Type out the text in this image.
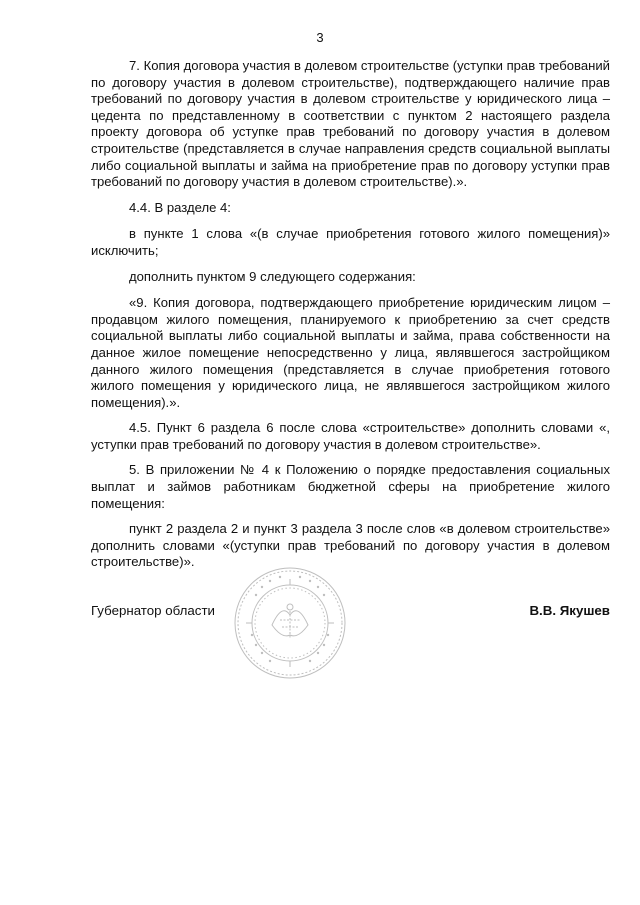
3

7. Копия договора участия в долевом строительстве (уступки прав требований по договору участия в долевом строительстве), подтверждающего наличие прав требований по договору участия в долевом строительстве у юридического лица – цедента по представленному в соответствии с пунктом 2 настоящего раздела проекту договора об уступке прав требований по договору участия в долевом строительстве (представляется в случае направления средств социальной выплаты либо социальной выплаты и займа на приобретение прав по договору уступки прав требований по договору участия в долевом строительстве).».

4.4. В разделе 4:

в пункте 1 слова «(в случае приобретения готового жилого помещения)» исключить;

дополнить пунктом 9 следующего содержания:

«9. Копия договора, подтверждающего приобретение юридическим лицом – продавцом жилого помещения, планируемого к приобретению за счет средств социальной выплаты либо социальной выплаты и займа, права собственности на данное жилое помещение непосредственно у лица, являвшегося застройщиком данного жилого помещения (представляется в случае приобретения готового жилого помещения у юридического лица, не являвшегося застройщиком жилого помещения).».

4.5. Пункт 6 раздела 6 после слова «строительстве» дополнить словами «, уступки прав требований по договору участия в долевом строительстве».

5. В приложении № 4 к Положению о порядке предоставления социальных выплат и займов работникам бюджетной сферы на приобретение жилого помещения:

пункт 2 раздела 2 и пункт 3 раздела 3 после слов «в долевом строительстве» дополнить словами «(уступки прав требований по договору участия в долевом строительстве)».

Губернатор области	В.В. Якушев
